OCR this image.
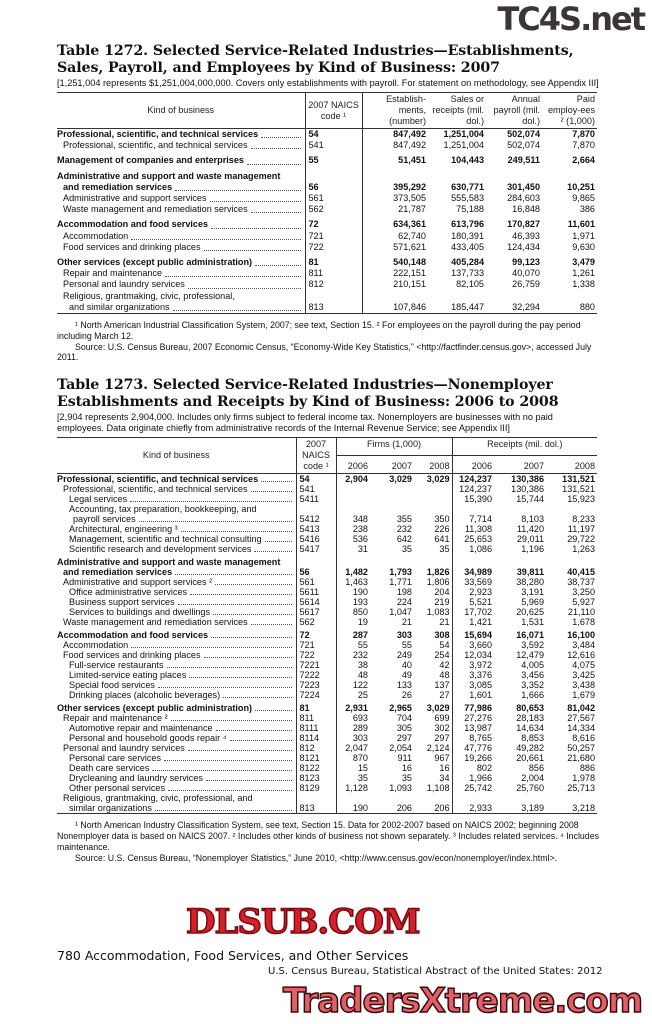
Table 1272. Selected Service-Related Industries—Establishments, Sales, Payroll, and Employees by Kind of Business: 2007
[1,251,004 represents $1,251,004,000,000. Covers only establishments with payroll. For statement on methodology, see Appendix III]
Kind of business	2007 NAICS code ¹	Establish-ments, (number)	Sales or receipts (mil. dol.)	Annual payroll (mil. dol.)	Paid employ-ees ² (1,000)

Professional, scientific, and technical services	54	847,492	1,251,004	502,074	7,870

Professional, scientific, and technical services	541	847,492	1,251,004	502,074	7,870

Management of companies and enterprises	55	51,451	104,443	249,511	2,664
Administrative and support and waste management					

and remediation services	56	395,292	630,771	301,450	10,251

Administrative and support services	561	373,505	555,583	284,603	9,865

Waste management and remediation services	562	21,787	75,188	16,848	386

Accommodation and food services	72	634,361	613,796	170,827	11,601

Accommodation	721	62,740	180,391	46,393	1,971

Food services and drinking places	722	571,621	433,405	124,434	9,630

Other services (except public administration)	81	540,148	405,284	99,123	3,479

Repair and maintenance	811	222,151	137,733	40,070	1,261

Personal and laundry services	812	210,151	82,105	26,759	1,338
Religious, grantmaking, civic, professional,					

and similar organizations	813	107,846	185,447	32,294	880

¹ North American Industrial Classification System, 2007; see text, Section 15. ² For employees on the payroll during the pay period including March 12.

Source: U.S. Census Bureau, 2007 Economic Census, “Economy-Wide Key Statistics,” <http://factfinder.census.gov>, accessed July 2011.

Table 1273. Selected Service-Related Industries—Nonemployer Establishments and Receipts by Kind of Business: 2006 to 2008
[2,904 represents 2,904,000. Includes only firms subject to federal income tax. Nonemployers are businesses with no paid employees. Data originate chiefly from administrative records of the Internal Revenue Service; see Appendix III]
Kind of business	2007 NAICS code ¹	Firms (1,000)			Receipts (mil. dol.)		
		2006	2007	2008	2006	2007	2008

Professional, scientific, and technical services	54	2,904	3,029	3,029	124,237	130,386	131,521

Professional, scientific, and technical services	541				124,237	130,386	131,521

Legal services	5411				15,390	15,744	15,923
Accounting, tax preparation, bookkeeping, and							

payroll services	5412	348	355	350	7,714	8,103	8,233

Architectural, engineering ³	5413	238	232	226	11,308	11,420	11,197

Management, scientific and technical consulting	5416	536	642	641	25,653	29,011	29,722

Scientific research and development services	5417	31	35	35	1,086	1,196	1,263
Administrative and support and waste management							

and remediation services	56	1,482	1,793	1,826	34,989	39,811	40,415

Administrative and support services ²	561	1,463	1,771	1,806	33,569	38,280	38,737

Office administrative services	5611	190	198	204	2,923	3,191	3,250

Business support services	5614	193	224	219	5,521	5,969	5,927

Services to buildings and dwellings	5617	850	1,047	1,083	17,702	20,625	21,110

Waste management and remediation services	562	19	21	21	1,421	1,531	1,678

Accommodation and food services	72	287	303	308	15,694	16,071	16,100

Accommodation	721	55	55	54	3,660	3,592	3,484

Food services and drinking places	722	232	249	254	12,034	12,479	12,616

Full-service restaurants	7221	38	40	42	3,972	4,005	4,075

Limited-service eating places	7222	48	49	48	3,376	3,456	3,425

Special food services	7223	122	133	137	3,085	3,352	3,438

Drinking places (alcoholic beverages)	7224	25	26	27	1,601	1,666	1,679

Other services (except public administration)	81	2,931	2,965	3,029	77,986	80,653	81,042

Repair and maintenance ²	811	693	704	699	27,276	28,183	27,567

Automotive repair and maintenance	8111	289	305	302	13,987	14,634	14,334

Personal and household goods repair ⁴	8114	303	297	297	8,765	8,853	8,616

Personal and laundry services	812	2,047	2,054	2,124	47,776	49,282	50,257

Personal care services	8121	870	911	967	19,266	20,661	21,680

Death care services	8122	15	16	16	802	856	886

Drycleaning and laundry services	8123	35	35	34	1,966	2,004	1,978

Other personal services	8129	1,128	1,093	1,108	25,742	25,760	25,713
Religious, grantmaking, civic, professional, and							

similar organizations	813	190	206	206	2,933	3,189	3,218

¹ North American Industry Classification System, see text, Section 15. Data for 2002-2007 based on NAICS 2002; beginning 2008 Nonemployer data is based on NAICS 2007. ² Includes other kinds of business not shown separately. ³ Includes related services. ⁴ Includes maintenance.

Source: U.S. Census Bureau, “Nonemployer Statistics,” June 2010, <http://www.census.gov/econ/nonemployer/index.html>.

780 Accommodation, Food Services, and Other Services
U.S. Census Bureau, Statistical Abstract of the United States: 2012
TC4S.net
DLSUB.COM
TradersXtreme.com
